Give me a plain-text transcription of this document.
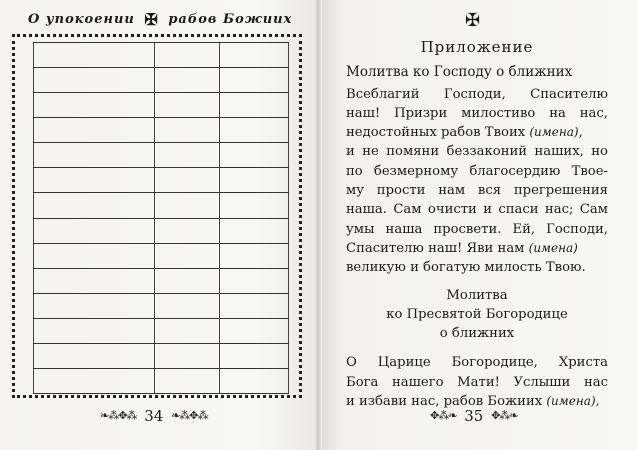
О упокоении ✠ рабов Божиих
❧⁂✥⁂ 34 ❧⁂✥⁂
✠

Приложение

Молитва ко Господу о ближних

Всеблагий Господи, Спасителю
наш! Призри милостиво на нас,
недостойных рабов Твоих (имена),
и не помяни беззаконий наших, но
по безмерному благосердию Твое-
му прости нам вся прегрешения
наша. Сам очисти и спаси нас; Сам
умы наша просвети. Ей, Господи,
Спасителю наш! Яви нам (имена)
великую и богатую милость Твою.
Молитва
ко Пресвятой Богородице
о ближних
О Царице Богородице, Христа
Бога нашего Мати! Услыши нас
и избави нас, рабов Божиих (имена),
✥⁂❧ 35 ✥⁂❧
